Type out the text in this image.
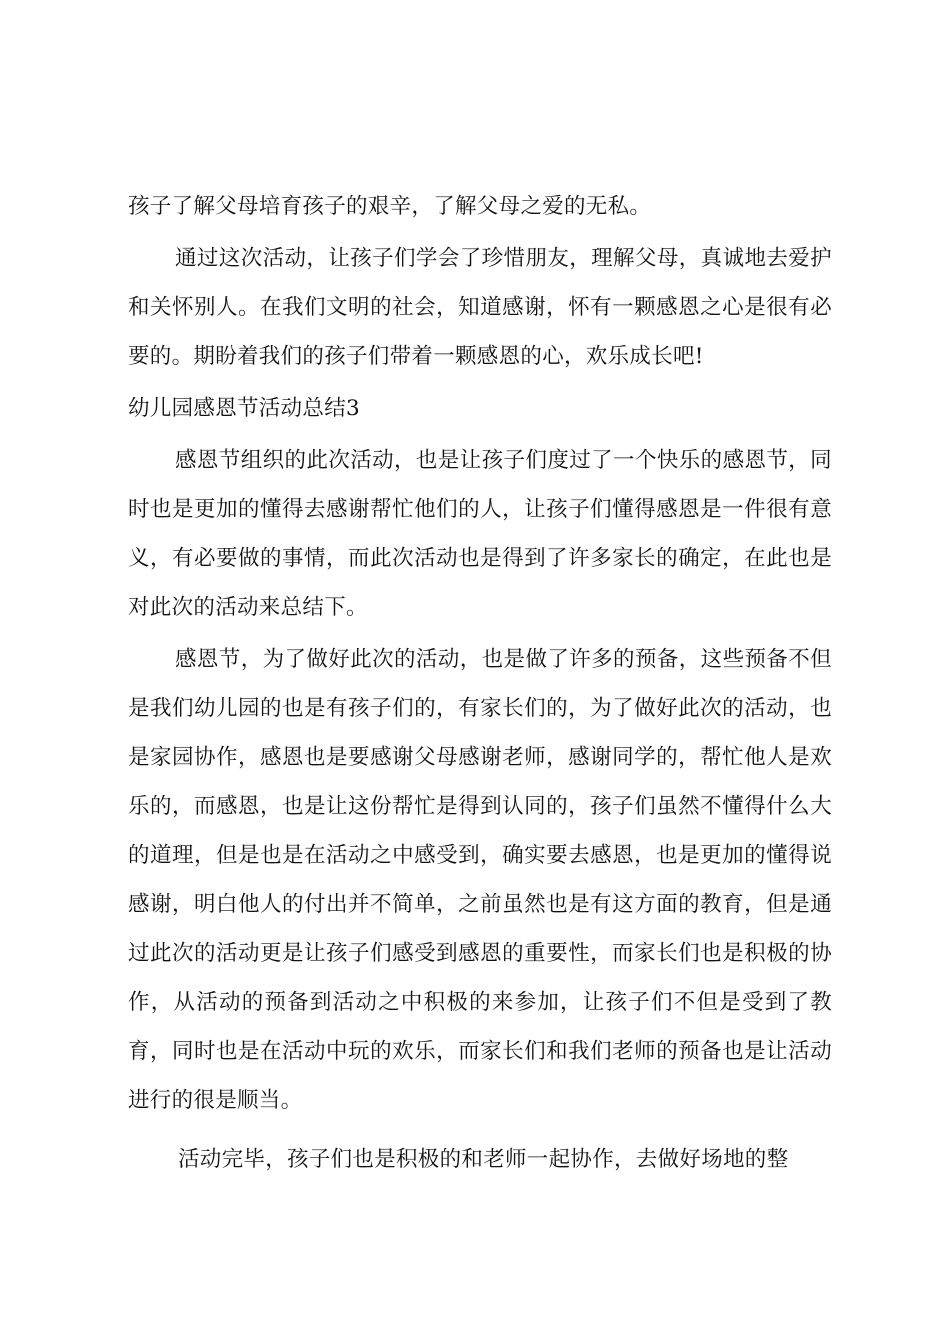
孩子了解父母培育孩子的艰辛，了解父母之爱的无私。

通过这次活动，让孩子们学会了珍惜朋友，理解父母，真诚地去爱护和关怀别人。在我们文明的社会，知道感谢，怀有一颗感恩之心是很有必要的。期盼着我们的孩子们带着一颗感恩的心，欢乐成长吧!

幼儿园感恩节活动总结3

感恩节组织的此次活动，也是让孩子们度过了一个快乐的感恩节，同时也是更加的懂得去感谢帮忙他们的人，让孩子们懂得感恩是一件很有意义，有必要做的事情，而此次活动也是得到了许多家长的确定，在此也是对此次的活动来总结下。

感恩节，为了做好此次的活动，也是做了许多的预备，这些预备不但是我们幼儿园的也是有孩子们的，有家长们的，为了做好此次的活动，也是家园协作，感恩也是要感谢父母感谢老师，感谢同学的，帮忙他人是欢乐的，而感恩，也是让这份帮忙是得到认同的，孩子们虽然不懂得什么大的道理，但是也是在活动之中感受到，确实要去感恩，也是更加的懂得说感谢，明白他人的付出并不简单，之前虽然也是有这方面的教育，但是通过此次的活动更是让孩子们感受到感恩的重要性，而家长们也是积极的协作，从活动的预备到活动之中积极的来参加，让孩子们不但是受到了教育，同时也是在活动中玩的欢乐，而家长们和我们老师的预备也是让活动进行的很是顺当。

活动完毕，孩子们也是积极的和老师一起协作，去做好场地的整
